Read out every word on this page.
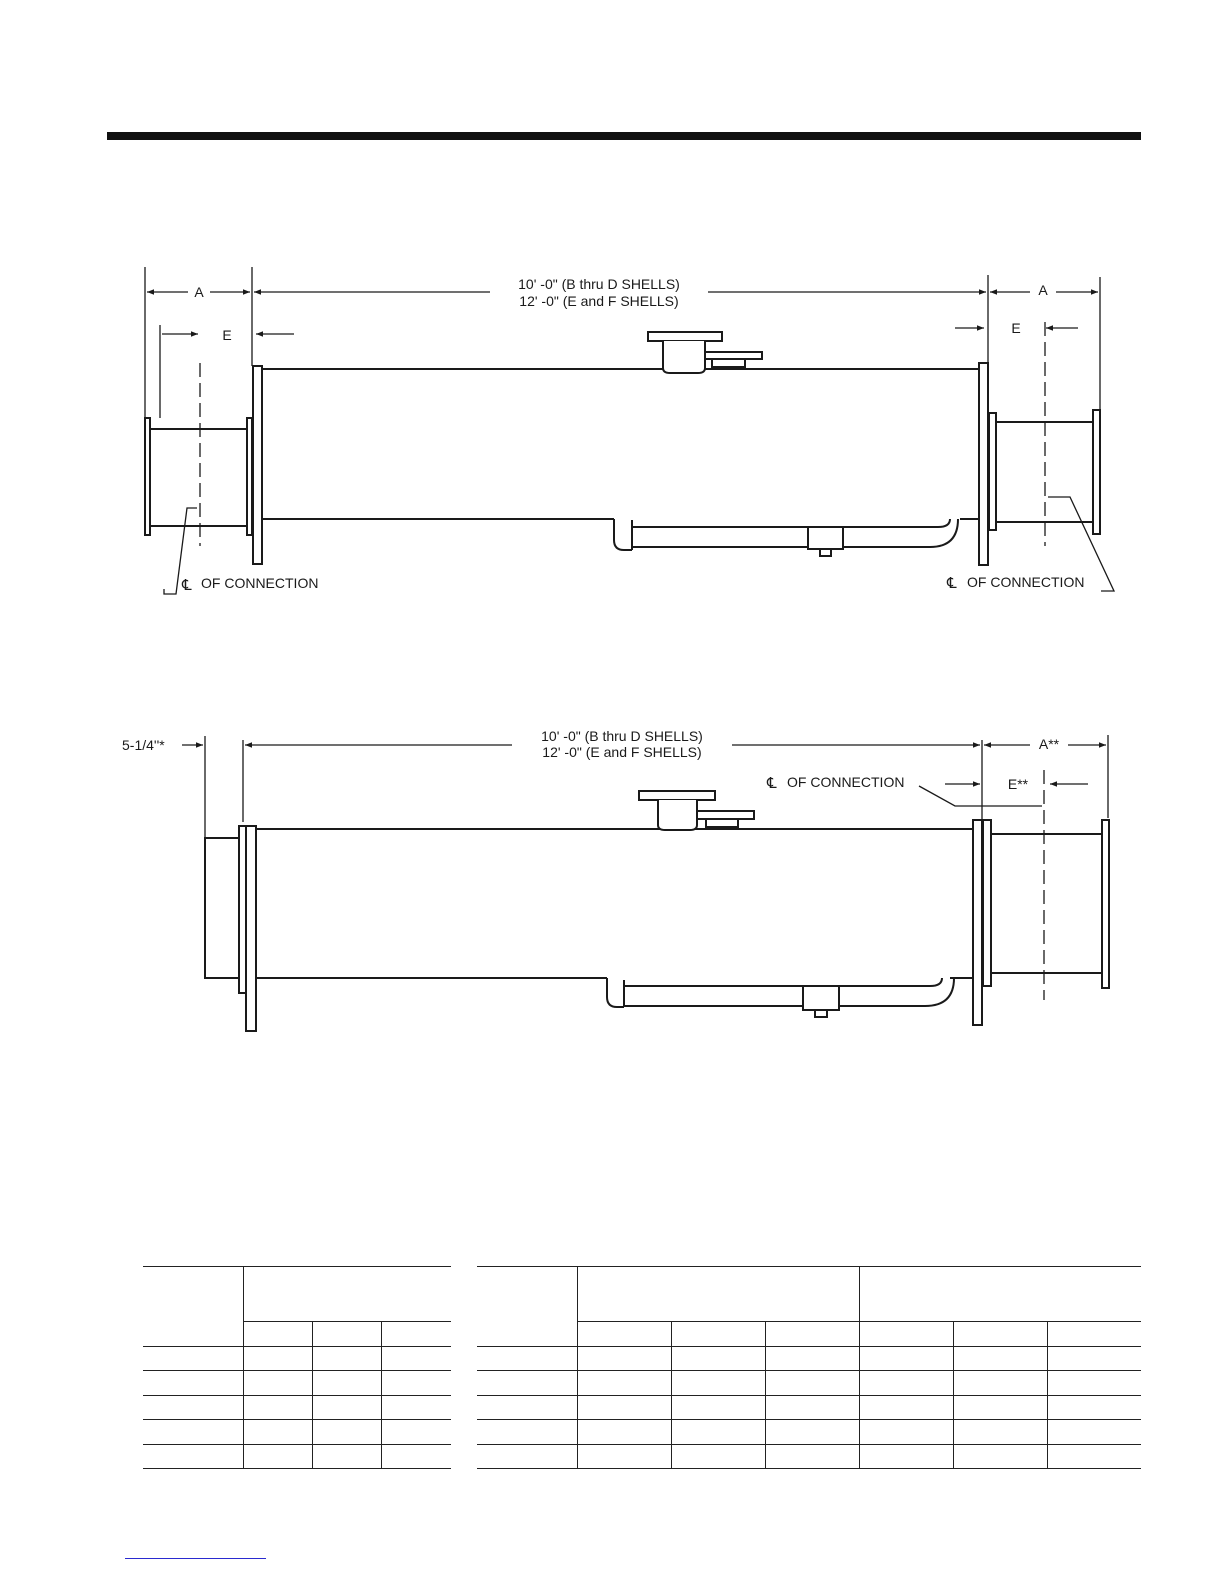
10' -0" (B thru D SHELLS)
12' -0" (E and F SHELLS)
A	A
E	E
℄ OF CONNECTION	℄ OF CONNECTION
10' -0" (B thru D SHELLS)
12' -0" (E and F SHELLS)
5-1/4''*	A**
E**
℄ OF CONNECTION
